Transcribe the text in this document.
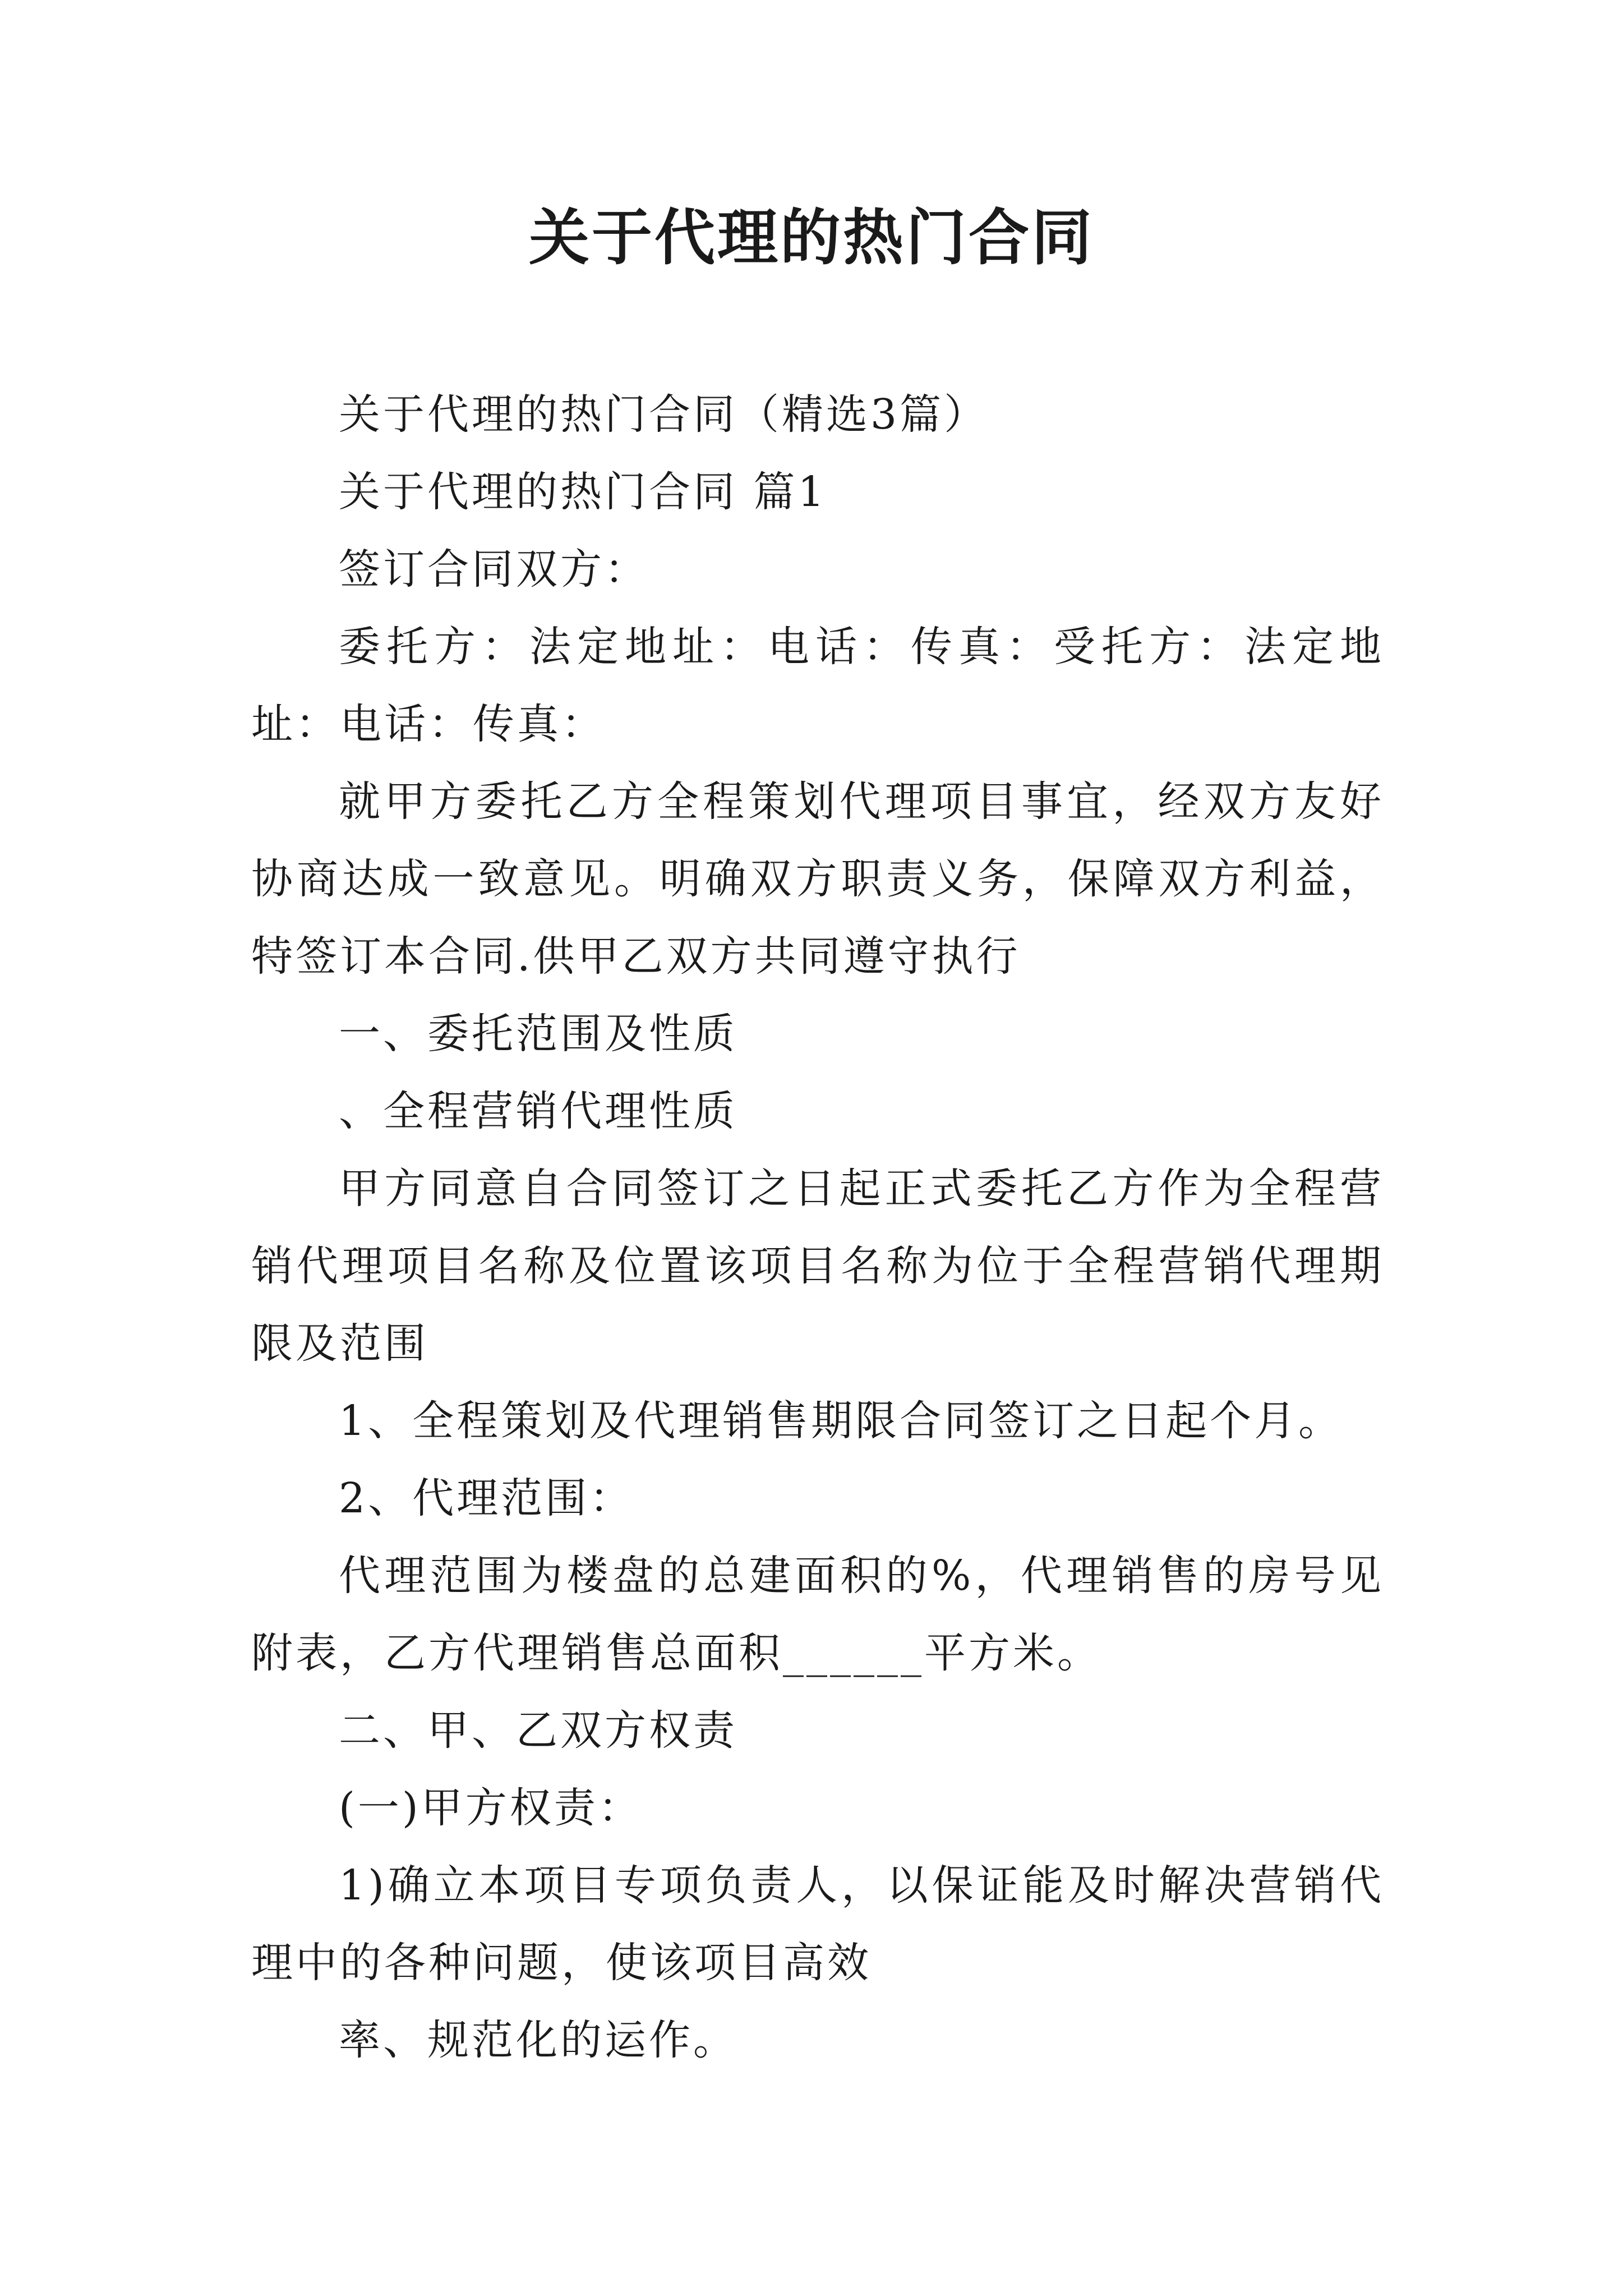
关于代理的热门合同

关于代理的热门合同（精选3篇）

关于代理的热门合同 篇1

签订合同双方：

委托方：法定地址：电话：传真：受托方：法定地址：电话：传真：

就甲方委托乙方全程策划代理项目事宜，经双方友好协商达成一致意见。明确双方职责义务，保障双方利益，特签订本合同.供甲乙双方共同遵守执行

一、委托范围及性质

、全程营销代理性质

甲方同意自合同签订之日起正式委托乙方作为全程营销代理项目名称及位置该项目名称为位于全程营销代理期限及范围

1、全程策划及代理销售期限合同签订之日起个月。

2、代理范围：

代理范围为楼盘的总建面积的%，代理销售的房号见附表，乙方代理销售总面积______平方米。

二、甲、乙双方权责

(一)甲方权责：

1)确立本项目专项负责人，以保证能及时解决营销代理中的各种问题，使该项目高效

率、规范化的运作。
